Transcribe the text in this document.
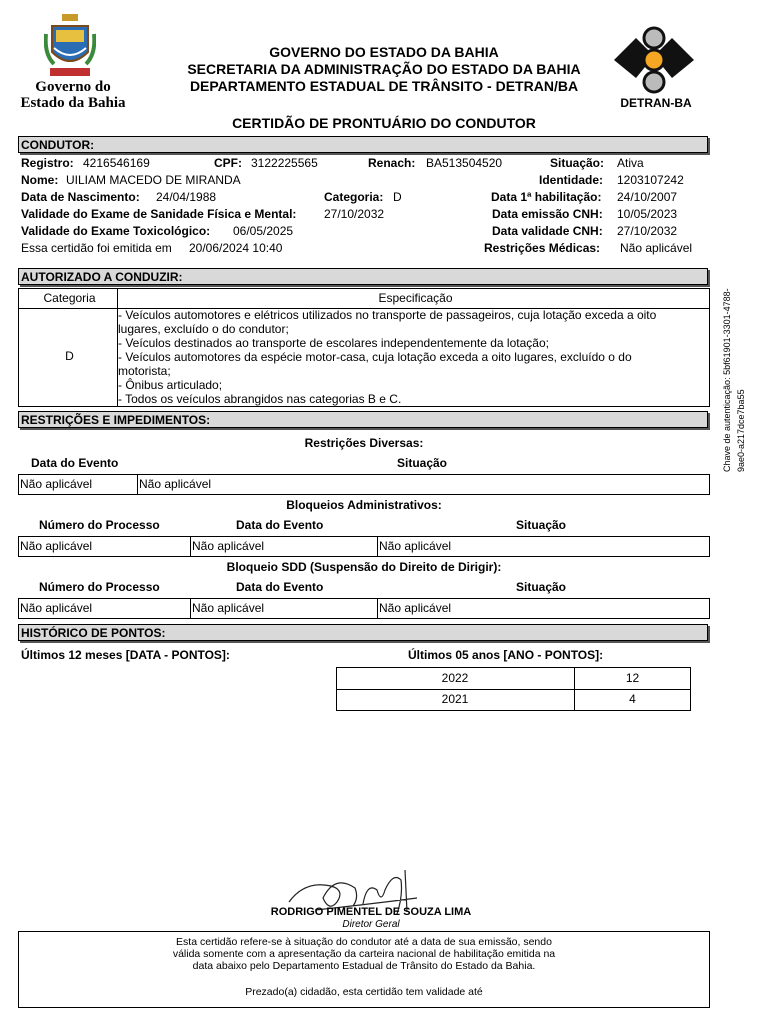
Governo do
Estado da Bahia
GOVERNO DO ESTADO DA BAHIA
SECRETARIA DA ADMINISTRAÇÃO DO ESTADO DA BAHIA
DEPARTAMENTO ESTADUAL DE TRÂNSITO - DETRAN/BA
DETRAN-BA
CERTIDÃO DE PRONTUÁRIO DO CONDUTOR
Chave de autenticação: 5bf61901-3301-4788-9ae0-a217dce7ba55
CONDUTOR:
Registro: 4216546169	CPF: 3122225565	Renach: BA513504520	Situação: Ativa
Nome: UILIAM MACEDO DE MIRANDA	Identidade: 1203107242
Data de Nascimento: 24/04/1988	Categoria: D	Data 1ª habilitação: 24/10/2007
Validade do Exame de Sanidade Física e Mental: 27/10/2032	Data emissão CNH: 10/05/2023
Validade do Exame Toxicológico: 06/05/2025	Data validade CNH: 27/10/2032
Essa certidão foi emitida em 20/06/2024 10:40	Restrições Médicas: Não aplicável
AUTORIZADO A CONDUZIR:
Categoria	Especificação
D
- Veículos automotores e elétricos utilizados no transporte de passageiros, cuja lotação exceda a oito
lugares, excluído o do condutor;
- Veículos destinados ao transporte de escolares independentemente da lotação;
- Veículos automotores da espécie motor-casa, cuja lotação exceda a oito lugares, excluído o do
motorista;
- Ônibus articulado;
- Todos os veículos abrangidos nas categorias B e C.
RESTRIÇÕES E IMPEDIMENTOS:
Restrições Diversas:
Data do Evento	Situação
Não aplicável	Não aplicável
Bloqueios Administrativos:
Número do Processo	Data do Evento	Situação
Não aplicável	Não aplicável	Não aplicável
Bloqueio SDD (Suspensão do Direito de Dirigir):
Número do Processo	Data do Evento	Situação
Não aplicável	Não aplicável	Não aplicável
HISTÓRICO DE PONTOS:
Últimos 12 meses [DATA - PONTOS]:	Últimos 05 anos [ANO - PONTOS]:
2022	12
2021	4
RODRIGO PIMENTEL DE SOUZA LIMA
Diretor Geral
Esta certidão refere-se à situação do condutor até a data de sua emissão, sendo
válida somente com a apresentação da carteira nacional de habilitação emitida na
data abaixo pelo Departamento Estadual de Trânsito do Estado da Bahia.
Prezado(a) cidadão, esta certidão tem validade até
